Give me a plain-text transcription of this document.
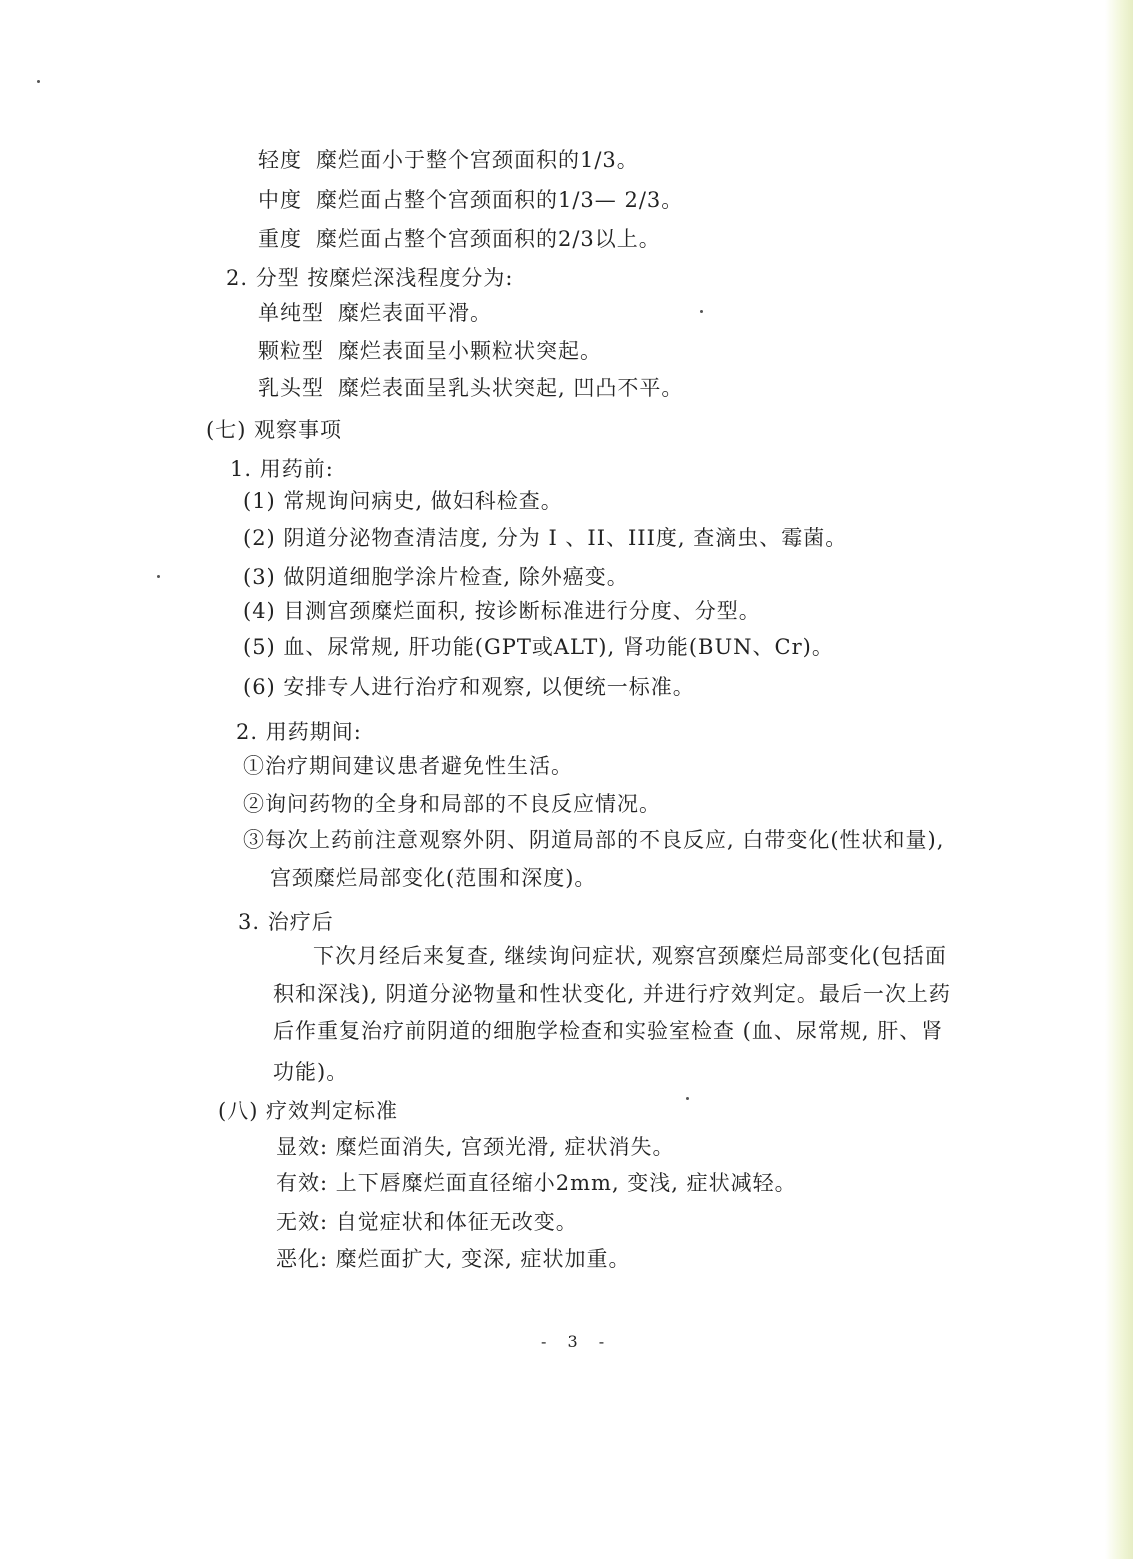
轻度 糜烂面小于整个宫颈面积的1/3。
中度 糜烂面占整个宫颈面积的1/3— 2/3。
重度 糜烂面占整个宫颈面积的2/3以上。
2. 分型 按糜烂深浅程度分为:
单纯型 糜烂表面平滑。
颗粒型 糜烂表面呈小颗粒状突起。
乳头型 糜烂表面呈乳头状突起, 凹凸不平。
(七) 观察事项
1. 用药前:
(1) 常规询问病史, 做妇科检查。
(2) 阴道分泌物查清洁度, 分为 I 、II、III度, 查滴虫、霉菌。
(3) 做阴道细胞学涂片检查, 除外癌变。
(4) 目测宫颈糜烂面积, 按诊断标准进行分度、分型。
(5) 血、尿常规, 肝功能(GPT或ALT), 肾功能(BUN、Cr)。
(6) 安排专人进行治疗和观察, 以便统一标准。
2. 用药期间:
①治疗期间建议患者避免性生活。
②询问药物的全身和局部的不良反应情况。
③每次上药前注意观察外阴、阴道局部的不良反应, 白带变化(性状和量),
宫颈糜烂局部变化(范围和深度)。
3. 治疗后
下次月经后来复查, 继续询问症状, 观察宫颈糜烂局部变化(包括面
积和深浅), 阴道分泌物量和性状变化, 并进行疗效判定。最后一次上药
后作重复治疗前阴道的细胞学检查和实验室检查 (血、尿常规, 肝、肾
功能)。
(八) 疗效判定标准
显效: 糜烂面消失, 宫颈光滑, 症状消失。
有效: 上下唇糜烂面直径缩小2mm, 变浅, 症状减轻。
无效: 自觉症状和体征无改变。
恶化: 糜烂面扩大, 变深, 症状加重。
- 3 -
